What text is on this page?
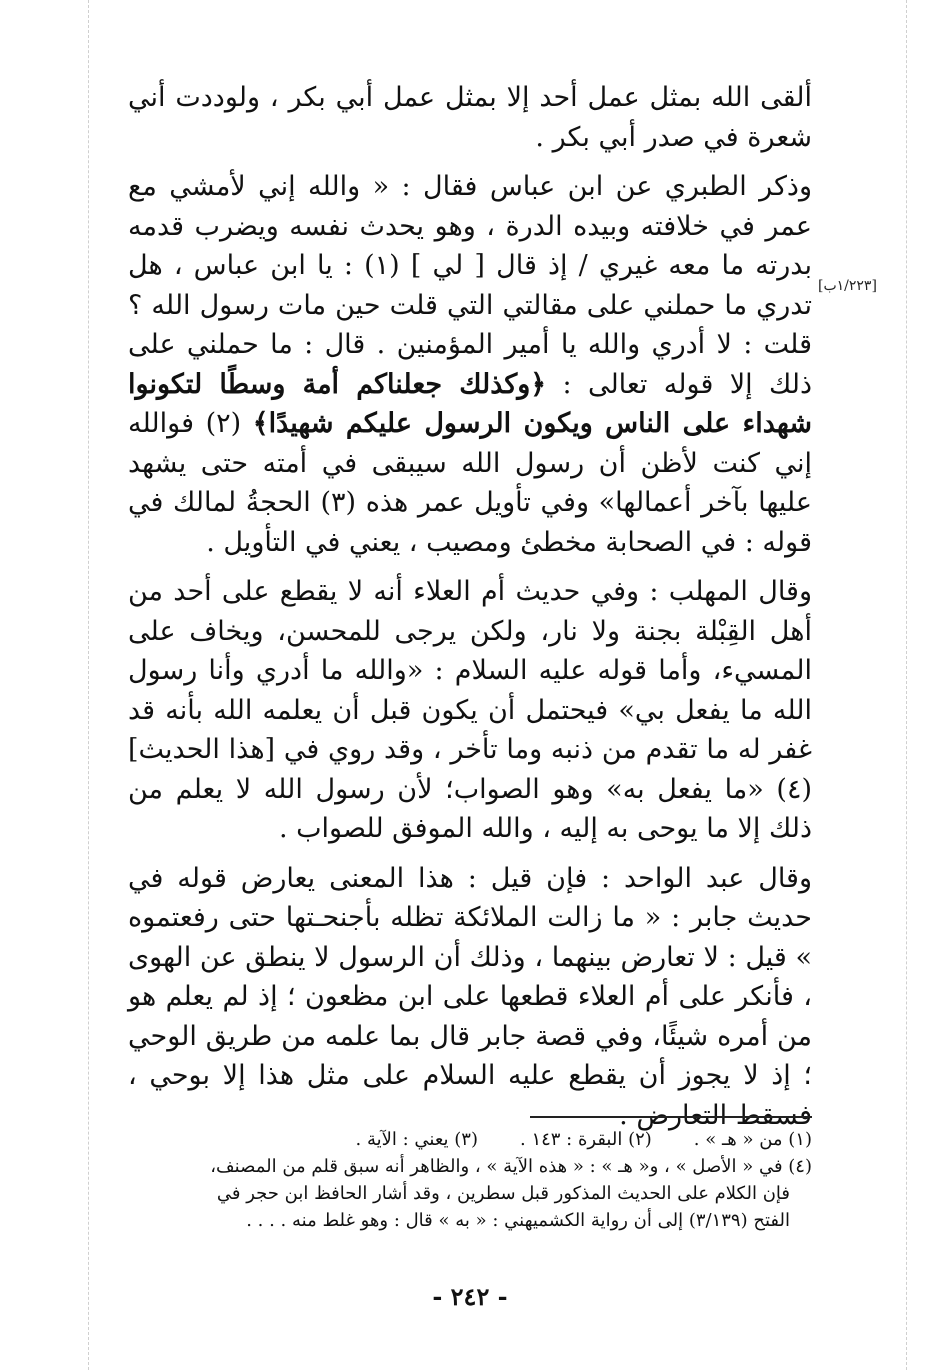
[١/٢٢٣ب]

ألقى الله بمثل عمل أحد إلا بمثل عمل أبي بكر ، ولوددت أني شعرة في صدر أبي بكر .

وذكر الطبري عن ابن عباس فقال : « والله إني لأمشي مع عمر في خلافته وبيده الدرة ، وهو يحدث نفسه ويضرب قدمه بدرته ما معه غيري / إذ قال [ لي ] (١) : يا ابن عباس ، هل تدري ما حملني على مقالتي التي قلت حين مات رسول الله ؟ قلت : لا أدري والله يا أمير المؤمنين . قال : ما حملني على ذلك إلا قوله تعالى : ﴿وكذلك جعلناكم أمة وسطًا لتكونوا شهداء على الناس ويكون الرسول عليكم شهيدًا﴾ (٢) فوالله إني كنت لأظن أن رسول الله سيبقى في أمته حتى يشهد عليها بآخر أعمالها» وفي تأويل عمر هذه (٣) الحجةُ لمالك في قوله : في الصحابة مخطئ ومصيب ، يعني في التأويل .

وقال المهلب : وفي حديث أم العلاء أنه لا يقطع على أحد من أهل القِبْلة بجنة ولا نار، ولكن يرجى للمحسن، ويخاف على المسيء، وأما قوله عليه السلام : «والله ما أدري وأنا رسول الله ما يفعل بي» فيحتمل أن يكون قبل أن يعلمه الله بأنه قد غفر له ما تقدم من ذنبه وما تأخر ، وقد روي في [هذا الحديث] (٤) «ما يفعل به» وهو الصواب؛ لأن رسول الله لا يعلم من ذلك إلا ما يوحى به إليه ، والله الموفق للصواب .

وقال عبد الواحد : فإن قيل : هذا المعنى يعارض قوله في حديث جابر : « ما زالت الملائكة تظله بأجنحـتها حتى رفعتموه » قيل : لا تعارض بينهما ، وذلك أن الرسول لا ينطق عن الهوى ، فأنكر على أم العلاء قطعها على ابن مظعون ؛ إذ لم يعلم هو من أمره شيئًا، وفي قصة جابر قال بما علمه من طريق الوحي ؛ إذ لا يجوز أن يقطع عليه السلام على مثل هذا إلا بوحي ، فسقط التعارض .

(١) من « هـ » .
(٢) البقرة : ١٤٣ .
(٣) يعني : الآية .
(٤) في « الأصل » ، و« هـ » : « هذه الآية » ، والظاهر أنه سبق قلم من المصنف،
فإن الكلام على الحديث المذكور قبل سطرين ، وقد أشار الحافظ ابن حجر في
الفتح (٣/١٣٩) إلى أن رواية الكشميهني : « به » قال : وهو غلط منه . . . .
- ٢٤٢ -
